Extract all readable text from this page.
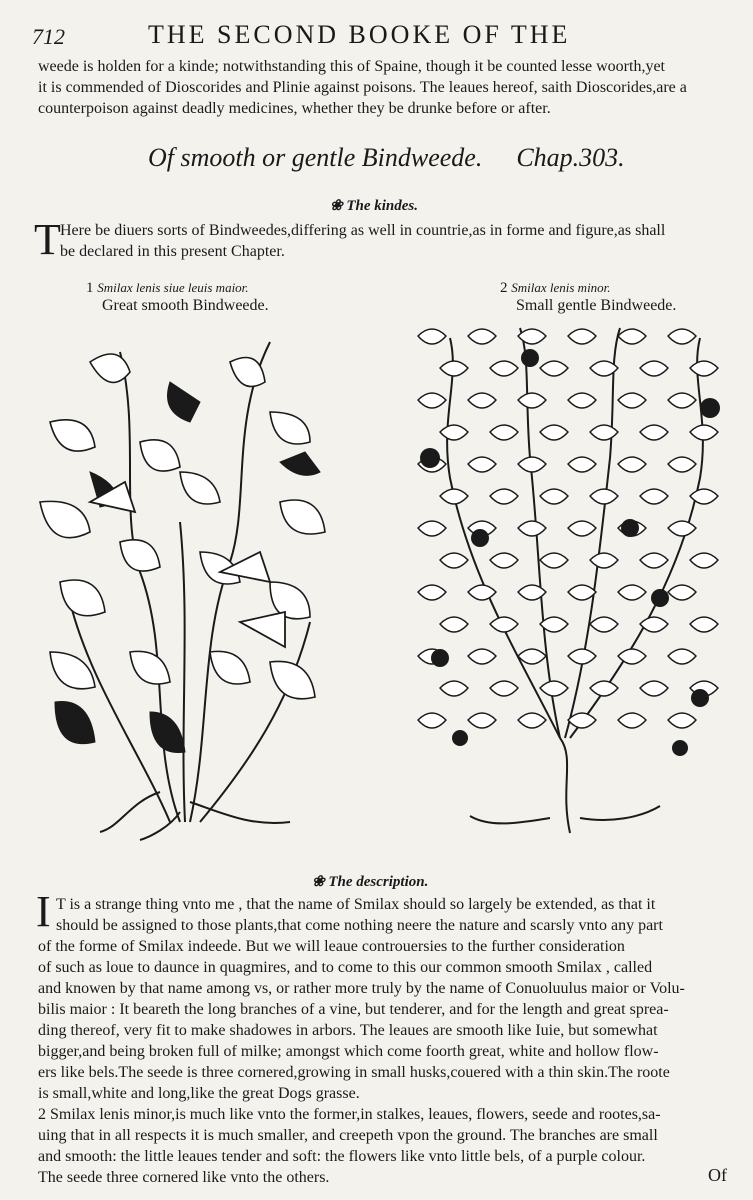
712	THE SECOND BOOKE OF THE
weede is holden for a kinde; notwithstanding this of Spaine, though it be counted lesse woorth,yet
it is commended of Dioscorides and Plinie against poisons. The leaues hereof, saith Dioscorides,are a
counterpoison against deadly medicines, whether they be drunke before or after.
Of smooth or gentle Bindweede. Chap.303.
❀ The kindes.
T Here be diuers sorts of Bindweedes,differing as well in countrie,as in forme and figure,as shall
be declared in this present Chapter.
1 Smilax lenis siue leuis maior.
Great smooth Bindweede.
2 Smilax lenis minor.
Small gentle Bindweede.
❀ The description.
I T is a strange thing vnto me , that the name of Smilax should so largely be extended, as that it
should be assigned to those plants,that come nothing neere the nature and scarsly vnto any part
of the forme of Smilax indeede. But we will leaue controuersies to the further consideration
of such as loue to daunce in quagmires, and to come to this our common smooth Smilax , called
and knowen by that name among vs, or rather more truly by the name of Conuoluulus maior or Volu-
bilis maior : It beareth the long branches of a vine, but tenderer, and for the length and great sprea-
ding thereof, very fit to make shadowes in arbors. The leaues are smooth like Iuie, but somewhat
bigger,and being broken full of milke; amongst which come foorth great, white and hollow flow-
ers like bels.The seede is three cornered,growing in small husks,couered with a thin skin.The roote
is small,white and long,like the great Dogs grasse.
2 Smilax lenis minor,is much like vnto the former,in stalkes, leaues, flowers, seede and rootes,sa-
uing that in all respects it is much smaller, and creepeth vpon the ground. The branches are small
and smooth: the little leaues tender and soft: the flowers like vnto little bels, of a purple colour.
The seede three cornered like vnto the others.	Of
